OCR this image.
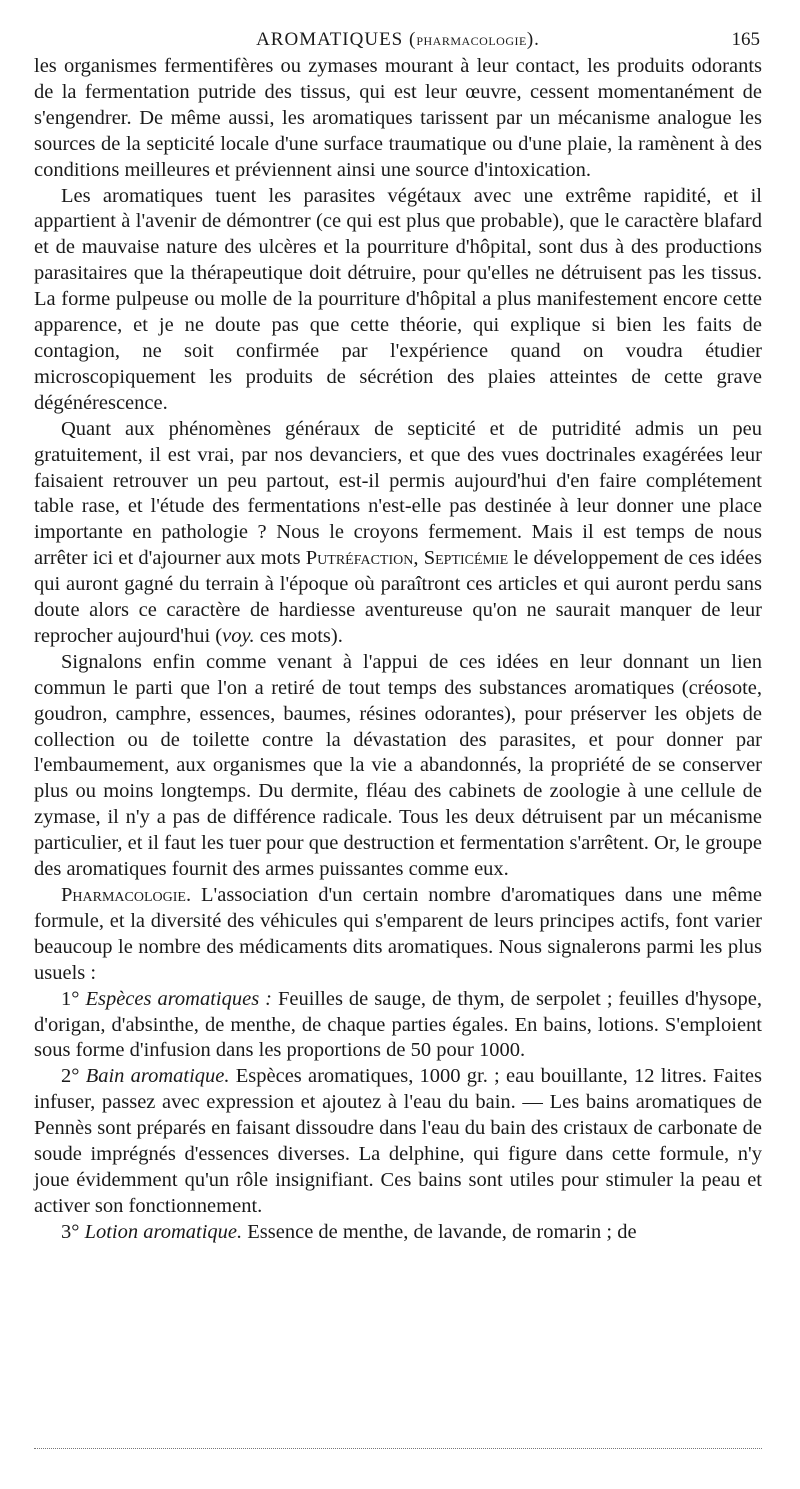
AROMATIQUES (PHARMACOLOGIE).	165

les organismes fermentifères ou zymases mourant à leur contact, les produits odorants de la fermentation putride des tissus, qui est leur œuvre, cessent momentanément de s'engendrer. De même aussi, les aromatiques tarissent par un mécanisme analogue les sources de la septicité locale d'une surface traumatique ou d'une plaie, la ramènent à des conditions meilleures et préviennent ainsi une source d'intoxication.

Les aromatiques tuent les parasites végétaux avec une extrême rapidité, et il appartient à l'avenir de démontrer (ce qui est plus que probable), que le caractère blafard et de mauvaise nature des ulcères et la pourriture d'hôpital, sont dus à des productions parasitaires que la thérapeutique doit détruire, pour qu'elles ne détruisent pas les tissus. La forme pulpeuse ou molle de la pourriture d'hôpital a plus manifestement encore cette apparence, et je ne doute pas que cette théorie, qui explique si bien les faits de contagion, ne soit confirmée par l'expérience quand on voudra étudier microscopiquement les produits de sécrétion des plaies atteintes de cette grave dégénérescence.

Quant aux phénomènes généraux de septicité et de putridité admis un peu gratuitement, il est vrai, par nos devanciers, et que des vues doctrinales exagérées leur faisaient retrouver un peu partout, est-il permis aujourd'hui d'en faire complétement table rase, et l'étude des fermentations n'est-elle pas destinée à leur donner une place importante en pathologie ? Nous le croyons fermement. Mais il est temps de nous arrêter ici et d'ajourner aux mots Putréfaction, Septicémie le développement de ces idées qui auront gagné du terrain à l'époque où paraîtront ces articles et qui auront perdu sans doute alors ce caractère de hardiesse aventureuse qu'on ne saurait manquer de leur reprocher aujourd'hui (voy. ces mots).

Signalons enfin comme venant à l'appui de ces idées en leur donnant un lien commun le parti que l'on a retiré de tout temps des substances aromatiques (créosote, goudron, camphre, essences, baumes, résines odorantes), pour préserver les objets de collection ou de toilette contre la dévastation des parasites, et pour donner par l'embaumement, aux organismes que la vie a abandonnés, la propriété de se conserver plus ou moins longtemps. Du dermite, fléau des cabinets de zoologie à une cellule de zymase, il n'y a pas de différence radicale. Tous les deux détruisent par un mécanisme particulier, et il faut les tuer pour que destruction et fermentation s'arrêtent. Or, le groupe des aromatiques fournit des armes puissantes comme eux.

Pharmacologie. L'association d'un certain nombre d'aromatiques dans une même formule, et la diversité des véhicules qui s'emparent de leurs principes actifs, font varier beaucoup le nombre des médicaments dits aromatiques. Nous signalerons parmi les plus usuels :

1° Espèces aromatiques : Feuilles de sauge, de thym, de serpolet ; feuilles d'hysope, d'origan, d'absinthe, de menthe, de chaque parties égales. En bains, lotions. S'emploient sous forme d'infusion dans les proportions de 50 pour 1000.

2° Bain aromatique. Espèces aromatiques, 1000 gr. ; eau bouillante, 12 litres. Faites infuser, passez avec expression et ajoutez à l'eau du bain. — Les bains aromatiques de Pennès sont préparés en faisant dissoudre dans l'eau du bain des cristaux de carbonate de soude imprégnés d'essences diverses. La delphine, qui figure dans cette formule, n'y joue évidemment qu'un rôle insignifiant. Ces bains sont utiles pour stimuler la peau et activer son fonctionnement.

3° Lotion aromatique. Essence de menthe, de lavande, de romarin ; de
